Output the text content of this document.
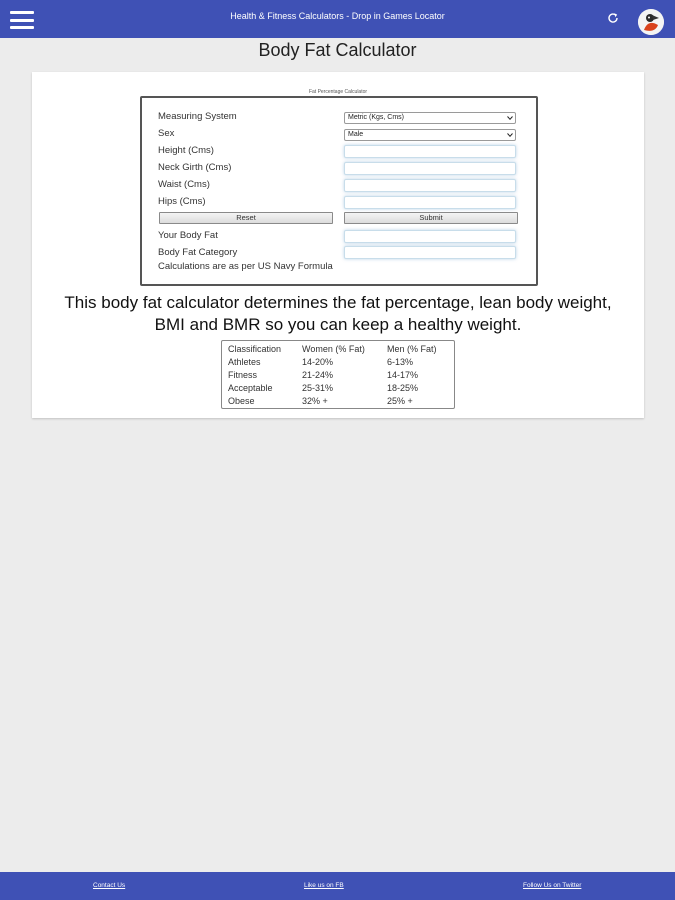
Health & Fitness Calculators - Drop in Games Locator
Body Fat Calculator
Fat Percentage Calculator
Measuring System	Metric (Kgs, Cms)
Sex	Male
Height (Cms)
Neck Girth (Cms)
Waist (Cms)
Hips (Cms)
Reset	Submit
Your Body Fat
Body Fat Category
Calculations are as per US Navy Formula
This body fat calculator determines the fat percentage, lean body weight, BMI and BMR so you can keep a healthy weight.
Classification	Women (% Fat)	Men (% Fat)
Athletes	14-20%	6-13%
Fitness	21-24%	14-17%
Acceptable	25-31%	18-25%
Obese	32% +	25% +
Contact Us	Like us on FB	Follow Us on Twitter
